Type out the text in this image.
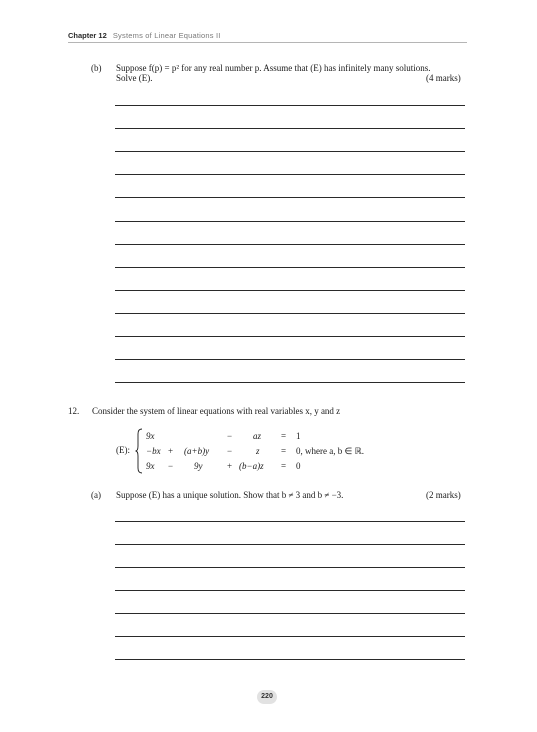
Chapter 12 Systems of Linear Equations II
(b) Suppose f(p) = p² for any real number p. Assume that (E) has infinitely many solutions.
Solve (E).	(4 marks)
12. Consider the system of linear equations with real variables x, y and z
(E):
9x	− az = 1
−bx + (a+b)y −	z = 0, where a, b ∈ ℝ.
9x − 9y	+ (b−a)z = 0
(a) Suppose (E) has a unique solution. Show that b ≠ 3 and b ≠ −3.	(2 marks)
220
